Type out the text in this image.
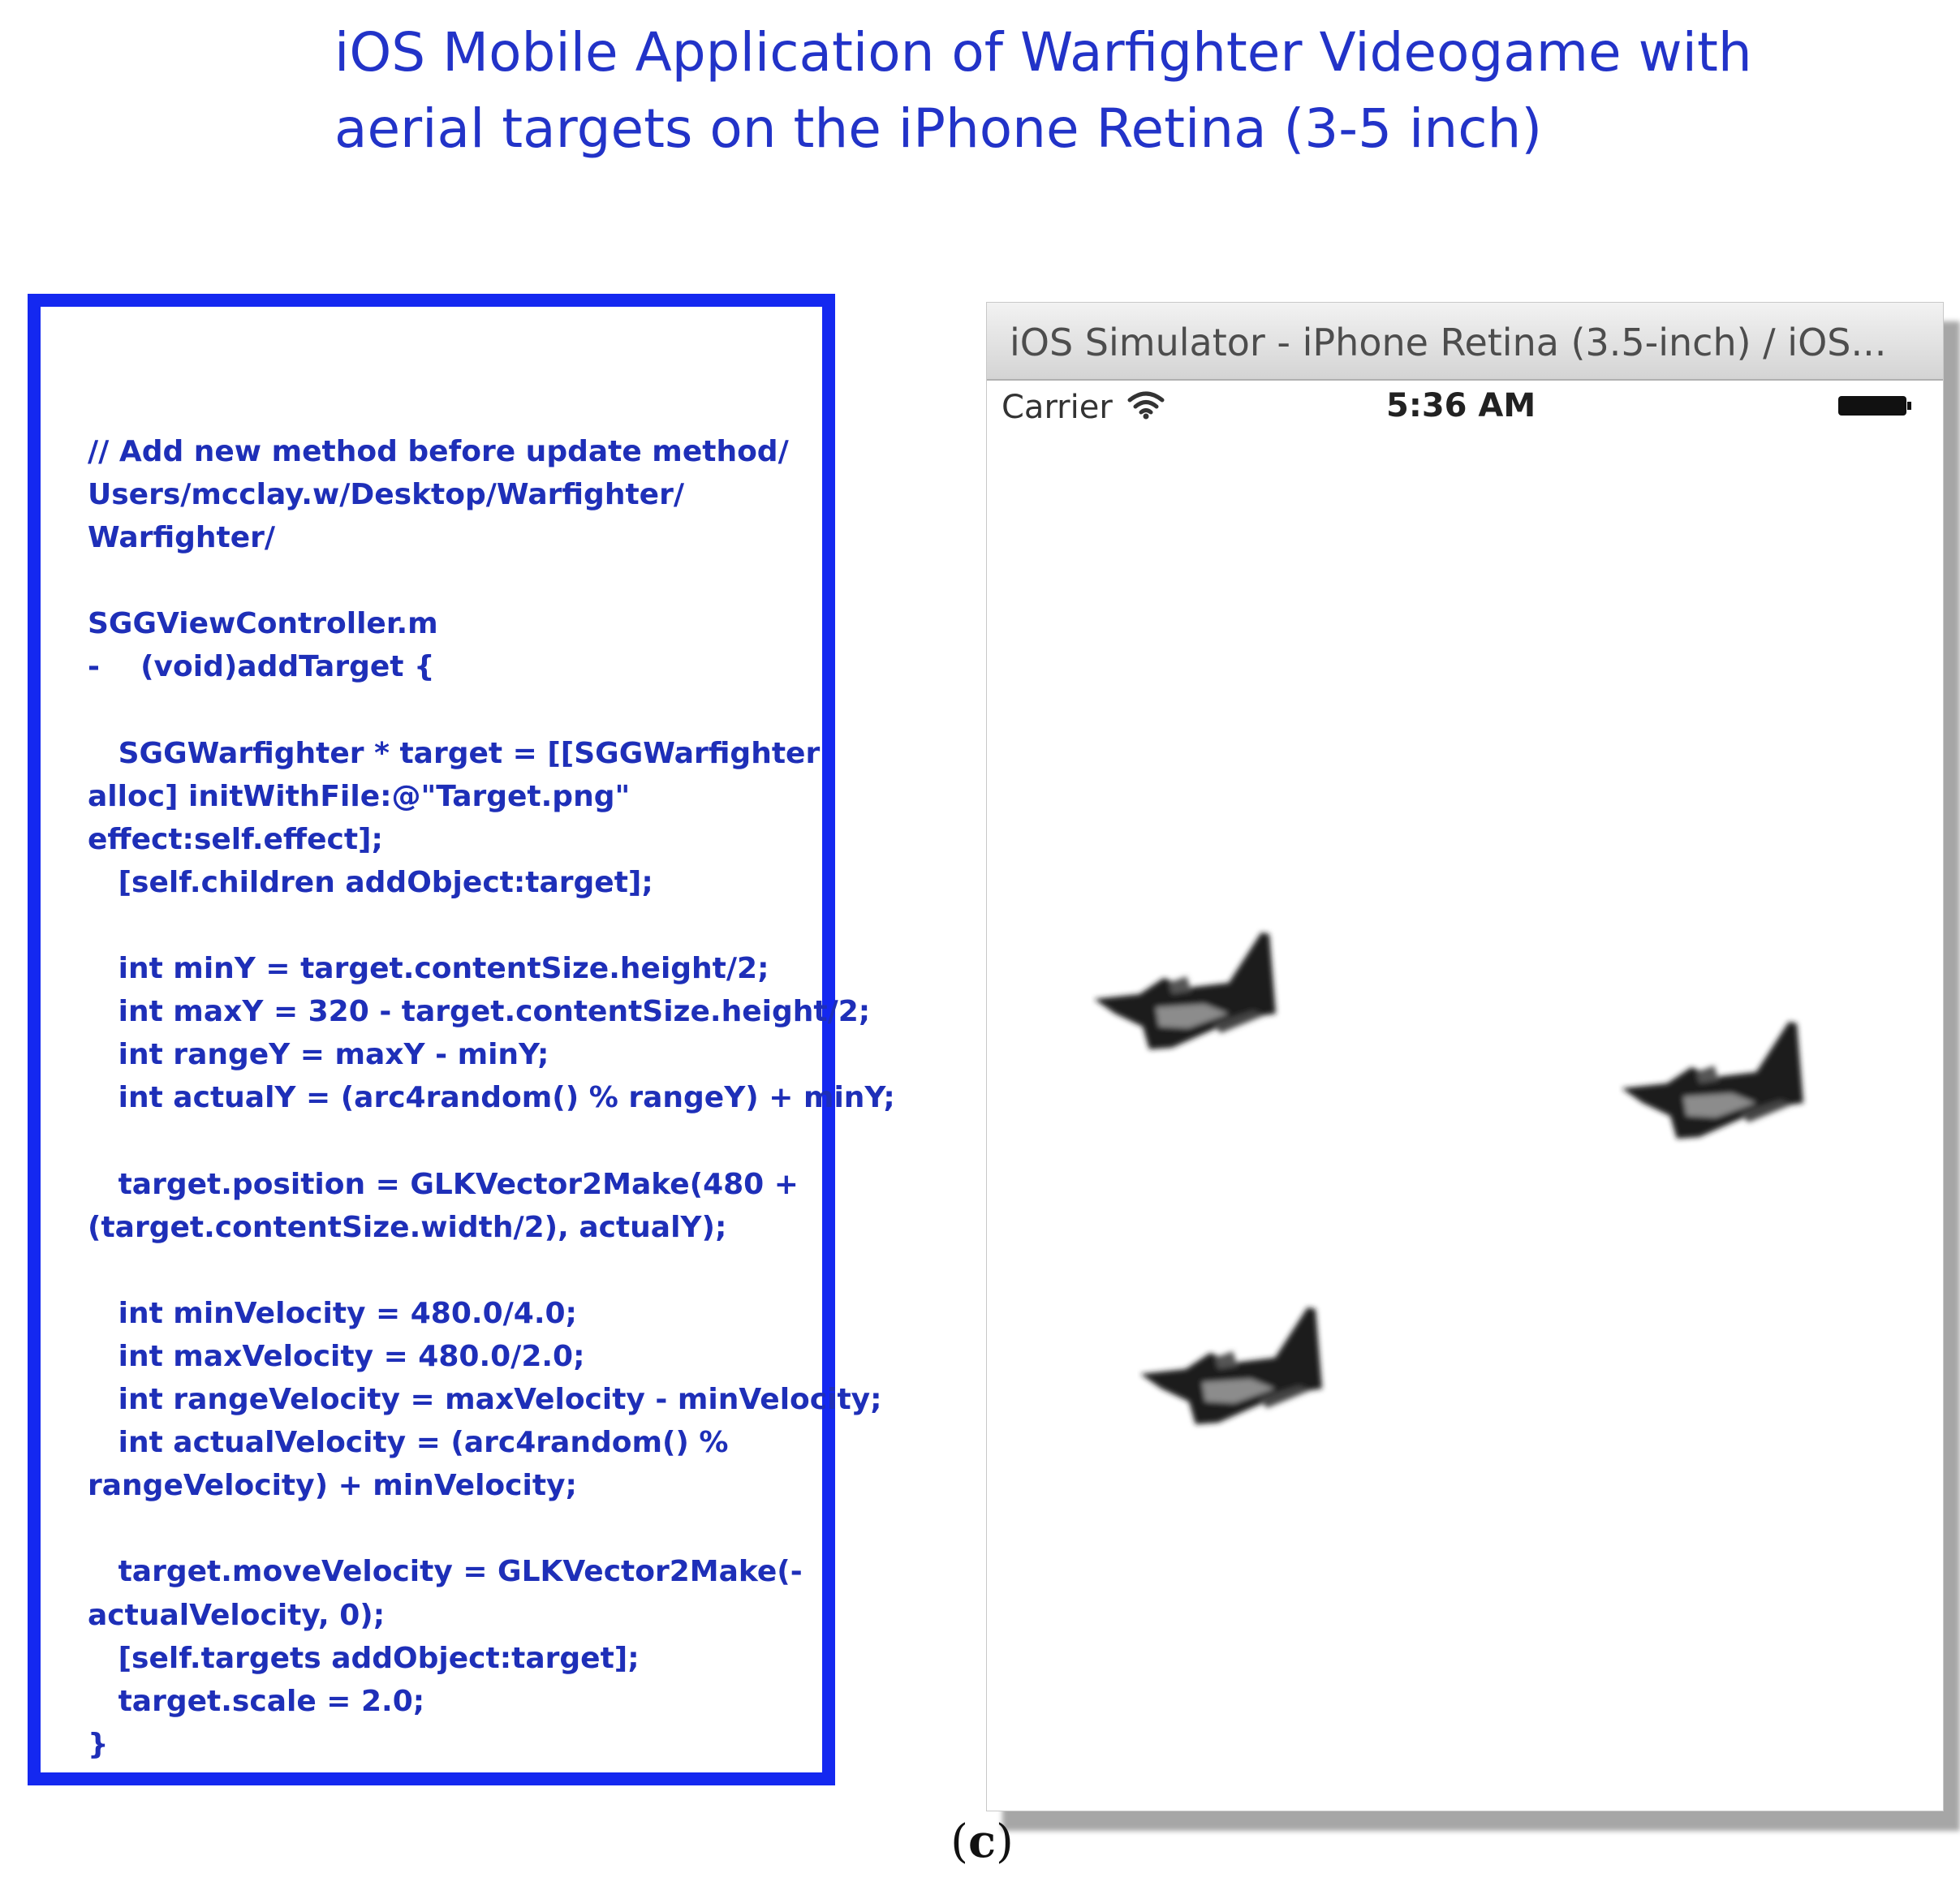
iOS Mobile Application of Warfighter Videogame with
aerial targets on the iPhone Retina (3-5 inch)
// Add new method before update method/
Users/mcclay.w/Desktop/Warfighter/
Warfighter/

SGGViewController.m
-    (void)addTarget {

SGGWarfighter * target = [[SGGWarfighter
alloc] initWithFile:@"Target.png"
effect:self.effect];
[self.children addObject:target];

int minY = target.contentSize.height/2;
int maxY = 320 - target.contentSize.height/2;
int rangeY = maxY - minY;
int actualY = (arc4random() % rangeY) + minY;

target.position = GLKVector2Make(480 +
(target.contentSize.width/2), actualY);

int minVelocity = 480.0/4.0;
int maxVelocity = 480.0/2.0;
int rangeVelocity = maxVelocity - minVelocity;
int actualVelocity = (arc4random() %
rangeVelocity) + minVelocity;

target.moveVelocity = GLKVector2Make(-
actualVelocity, 0);
[self.targets addObject:target];
target.scale = 2.0;
}
iOS Simulator - iPhone Retina (3.5-inch) / iOS...
Carrier	5:36 AM
(c)
